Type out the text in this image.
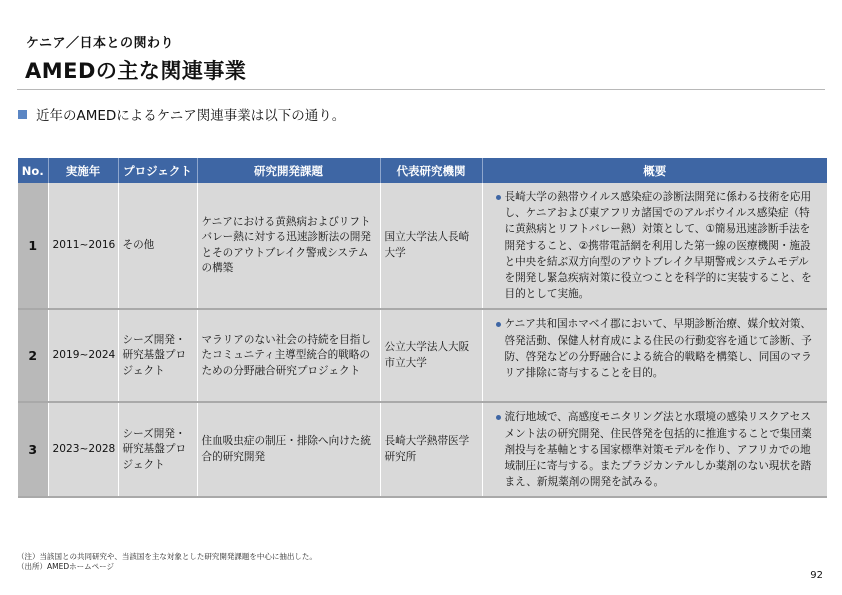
ケニア／日本との関わり
AMEDの主な関連事業
近年のAMEDによるケニア関連事業は以下の通り。
No.	実施年	プロジェクト	研究開発課題	代表研究機関	概要
1	2011~2016	その他	ケニアにおける黄熱病およびリフトバレー熱に対する迅速診断法の開発とそのアウトブレイク警戒システムの構築	国立大学法人長崎大学	長崎大学の熱帯ウイルス感染症の診断法開発に係わる技術を応用し、ケニアおよび東アフリカ諸国でのアルボウイルス感染症（特に黄熱病とリフトバレー熱）対策として、①簡易迅速診断手法を開発すること、②携帯電話網を利用した第一線の医療機関・施設と中央を結ぶ双方向型のアウトブレイク早期警戒システムモデルを開発し緊急疾病対策に役立つことを科学的に実装すること、を目的として実施。

2	2019~2024	シーズ開発・研究基盤プロジェクト	マラリアのない社会の持続を目指したコミュニティ主導型統合的戦略のための分野融合研究プロジェクト	公立大学法人大阪市立大学	ケニア共和国ホマベイ郡において、早期診断治療、媒介蚊対策、啓発活動、保健人材育成による住民の行動変容を通じて診断、予防、啓発などの分野融合による統合的戦略を構築し、同国のマラリア排除に寄与することを目的。

3	2023~2028	シーズ開発・研究基盤プロジェクト	住血吸虫症の制圧・排除へ向けた統合的研究開発	長崎大学熱帯医学研究所	流行地域で、高感度モニタリング法と水環境の感染リスクアセスメント法の研究開発、住民啓発を包括的に推進することで集団薬剤投与を基軸とする国家標準対策モデルを作り、アフリカでの地域制圧に寄与する。またプラジカンテルしか薬剤のない現状を踏まえ、新規薬剤の開発を試みる。
（注）当該国との共同研究や、当該国を主な対象とした研究開発課題を中心に抽出した。
（出所）AMEDホームページ
92
